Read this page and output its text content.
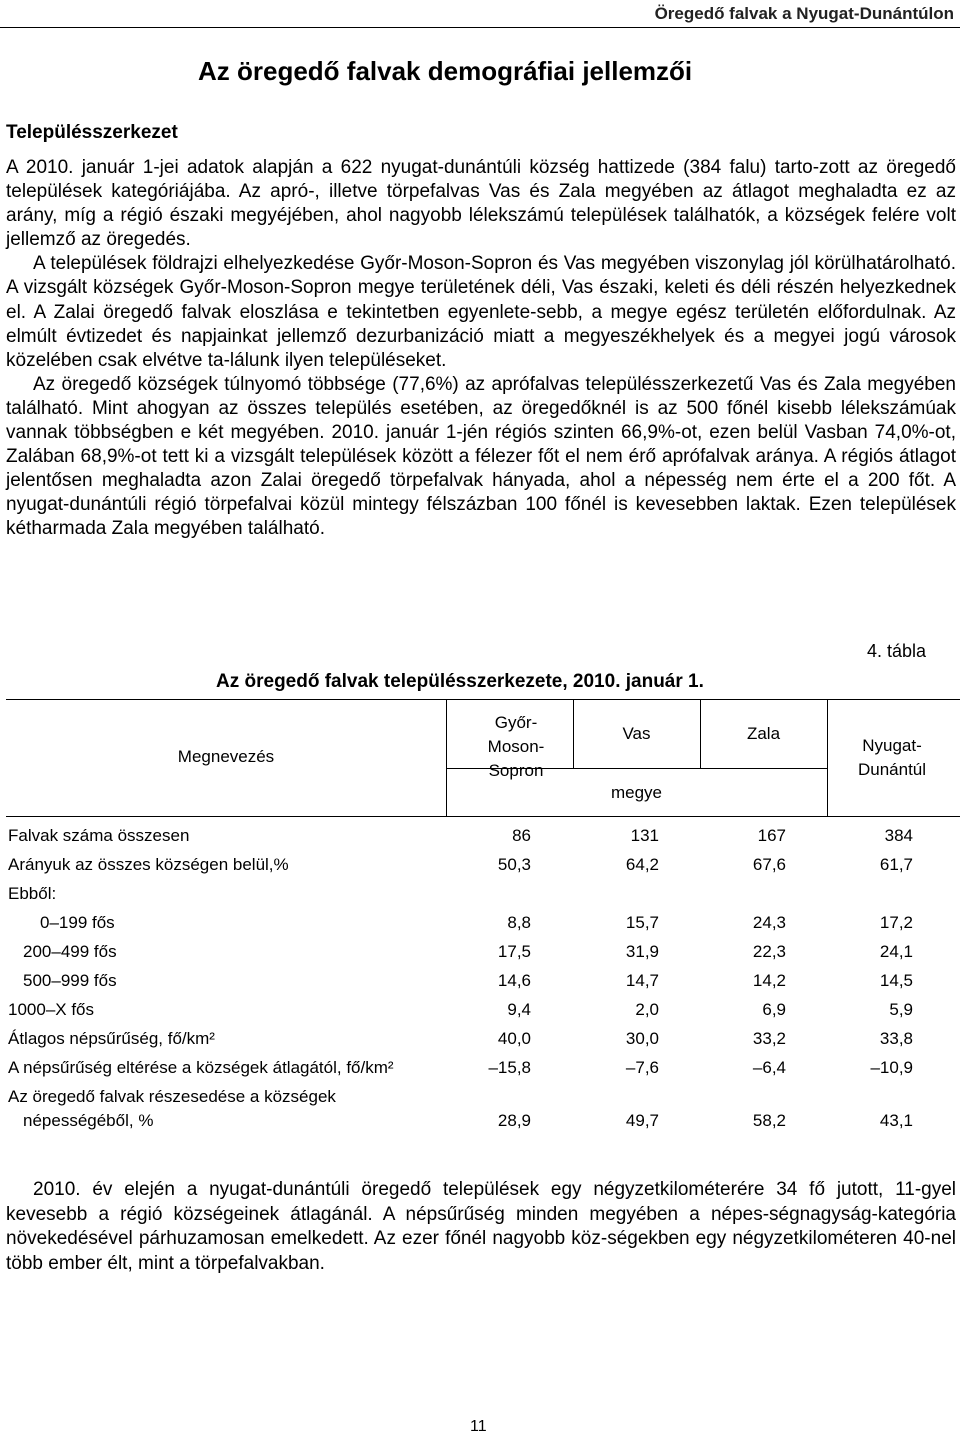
Öregedő falvak a Nyugat-Dunántúlon
Az öregedő falvak demográfiai jellemzői
Településszerkezet

A 2010. január 1-jei adatok alapján a 622 nyugat-dunántúli község hattizede (384 falu) tarto-zott az öregedő települések kategóriájába. Az apró-, illetve törpefalvas Vas és Zala megyében az átlagot meghaladta ez az arány, míg a régió északi megyéjében, ahol nagyobb lélekszámú települések találhatók, a községek felére volt jellemző az öregedés.

A települések földrajzi elhelyezkedése Győr-Moson-Sopron és Vas megyében viszonylag jól körülhatárolható. A vizsgált községek Győr-Moson-Sopron megye területének déli, Vas északi, keleti és déli részén helyezkednek el. A Zalai öregedő falvak eloszlása e tekintetben egyenlete-sebb, a megye egész területén előfordulnak. Az elmúlt évtizedet és napjainkat jellemző dezurbanizáció miatt a megyeszékhelyek és a megyei jogú városok közelében csak elvétve ta-lálunk ilyen településeket.

Az öregedő községek túlnyomó többsége (77,6%) az aprófalvas településszerkezetű Vas és Zala megyében található. Mint ahogyan az összes település esetében, az öregedőknél is az 500 főnél kisebb lélekszámúak vannak többségben e két megyében. 2010. január 1-jén régiós szinten 66,9%-ot, ezen belül Vasban 74,0%-ot, Zalában 68,9%-ot tett ki a vizsgált települések között a félezer főt el nem érő aprófalvak aránya. A régiós átlagot jelentősen meghaladta azon Zalai öregedő törpefalvak hányada, ahol a népesség nem érte el a 200 főt. A nyugat-dunántúli régió törpefalvai közül mintegy félszázban 100 főnél is kevesebben laktak. Ezen települések kétharmada Zala megyében található.

4. tábla
Az öregedő falvak településszerkezete, 2010. január 1.
Megnevezés
Győr-Moson-Sopron
Vas	Zala
megye
Nyugat-Dunántúl
Falvak száma összesen	86	131	167	384
Arányuk az összes községen belül,%	50,3	64,2	67,6	61,7
Ebből:
0–199 fős	8,8	15,7	24,3	17,2
200–499 fős	17,5	31,9	22,3	24,1
500–999 fős	14,6	14,7	14,2	14,5
1000–X fős	9,4	2,0	6,9	5,9
Átlagos népsűrűség, fő/km²	40,0	30,0	33,2	33,8
A népsűrűség eltérése a községek átlagától, fő/km²	–15,8	–7,6	–6,4	–10,9
Az öregedő falvak részesedése a községek
népességéből, %	28,9	49,7	58,2	43,1

2010. év elején a nyugat-dunántúli öregedő települések egy négyzetkilométerére 34 fő jutott, 11-gyel kevesebb a régió községeinek átlagánál. A népsűrűség minden megyében a népes-ségnagyság-kategória növekedésével párhuzamosan emelkedett. Az ezer főnél nagyobb köz-ségekben egy négyzetkilométeren 40-nel több ember élt, mint a törpefalvakban.

11
